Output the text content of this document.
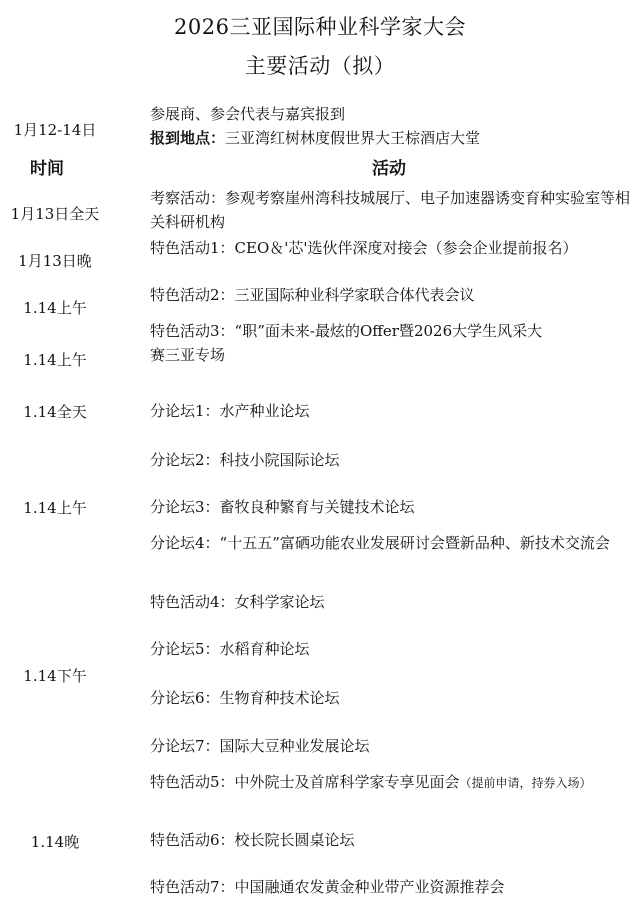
2026三亚国际种业科学家大会
主要活动（拟）
1月12-14日
参展商、参会代表与嘉宾报到
报到地点：三亚湾红树林度假世界大王棕酒店大堂
时间	活动
1月13日全天
1月13日晚
1.14上午
1.14上午
1.14全天
1.14上午
1.14下午
1.14晚
考察活动：参观考察崖州湾科技城展厅、电子加速器诱变育种实验室等相关科研机构
特色活动1：CEO＆'芯'选伙伴深度对接会（参会企业提前报名）
特色活动2：三亚国际种业科学家联合体代表会议
特色活动3：“职”面未来-最炫的Offer暨2026大学生风采大
赛三亚专场
分论坛1：水产种业论坛
分论坛2：科技小院国际论坛
分论坛3：畜牧良种繁育与关键技术论坛
分论坛4：“十五五”富硒功能农业发展研讨会暨新品种、新技术交流会
特色活动4：女科学家论坛
分论坛5：水稻育种论坛
分论坛6：生物育种技术论坛
分论坛7：国际大豆种业发展论坛
特色活动5：中外院士及首席科学家专享见面会（提前申请，持券入场）
特色活动6：校长院长圆桌论坛
特色活动7：中国融通农发黄金种业带产业资源推荐会
